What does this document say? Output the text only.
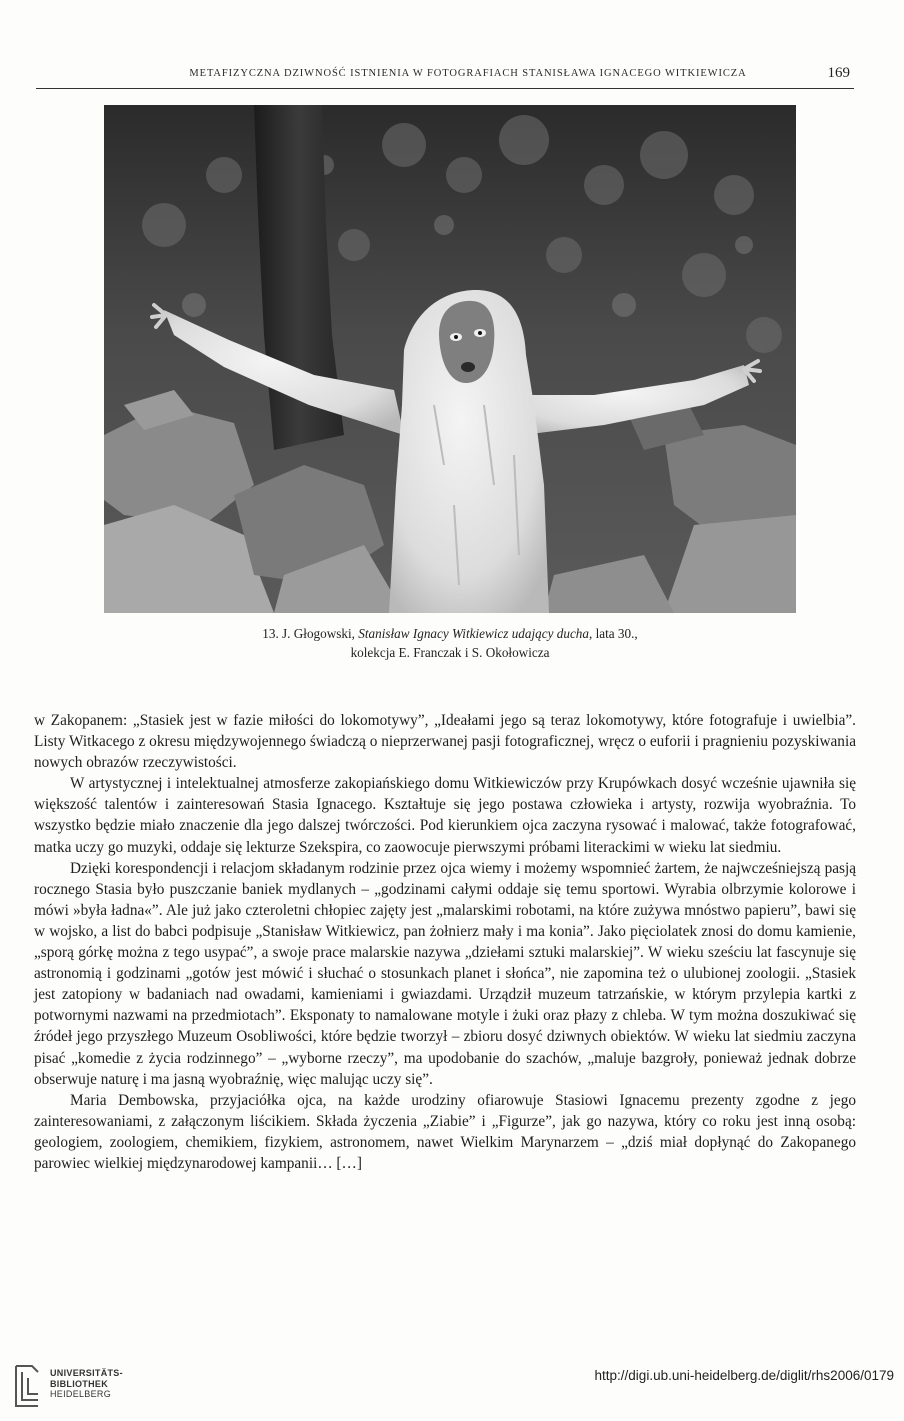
METAFIZYCZNA DZIWNOŚĆ ISTNIENIA W FOTOGRAFIACH STANISŁAWA IGNACEGO WITKIEWICZA	169
13. J. Głogowski, Stanisław Ignacy Witkiewicz udający ducha, lata 30.,
kolekcja E. Franczak i S. Okołowicza

w Zakopanem: „Stasiek jest w fazie miłości do lokomotywy”, „Ideałami jego są teraz lokomotywy, które fotografuje i uwielbia”. Listy Witkacego z okresu międzywojennego świadczą o nieprzerwanej pasji fotograficznej, wręcz o euforii i pragnieniu pozyskiwania nowych obrazów rzeczywistości.

W artystycznej i intelektualnej atmosferze zakopiańskiego domu Witkiewiczów przy Krupówkach dosyć wcześnie ujawniła się większość talentów i zainteresowań Stasia Ignacego. Kształtuje się jego postawa człowieka i artysty, rozwija wyobraźnia. To wszystko będzie miało znaczenie dla jego dalszej twórczości. Pod kierunkiem ojca zaczyna rysować i malować, także fotografować, matka uczy go muzyki, oddaje się lekturze Szekspira, co zaowocuje pierwszymi próbami literackimi w wieku lat siedmiu.

Dzięki korespondencji i relacjom składanym rodzinie przez ojca wiemy i możemy wspomnieć żartem, że najwcześniejszą pasją rocznego Stasia było puszczanie baniek mydlanych – „godzinami całymi oddaje się temu sportowi. Wyrabia olbrzymie kolorowe i mówi »była ładna«”. Ale już jako czteroletni chłopiec zajęty jest „malarskimi robotami, na które zużywa mnóstwo papieru”, bawi się w wojsko, a list do babci podpisuje „Stanisław Witkiewicz, pan żołnierz mały i ma konia”. Jako pięciolatek znosi do domu kamienie, „sporą górkę można z tego usypać”, a swoje prace malarskie nazywa „dziełami sztuki malarskiej”. W wieku sześciu lat fascynuje się astronomią i godzinami „gotów jest mówić i słuchać o stosunkach planet i słońca”, nie zapomina też o ulubionej zoologii. „Stasiek jest zatopiony w badaniach nad owadami, kamieniami i gwiazdami. Urządził muzeum tatrzańskie, w którym przylepia kartki z potwornymi nazwami na przedmiotach”. Eksponaty to namalowane motyle i żuki oraz płazy z chleba. W tym można doszukiwać się źródeł jego przyszłego Muzeum Osobliwości, które będzie tworzył – zbioru dosyć dziwnych obiektów. W wieku lat siedmiu zaczyna pisać „komedie z życia rodzinnego” – „wyborne rzeczy”, ma upodobanie do szachów, „maluje bazgroły, ponieważ jednak dobrze obserwuje naturę i ma jasną wyobraźnię, więc malując uczy się”.

Maria Dembowska, przyjaciółka ojca, na każde urodziny ofiarowuje Stasiowi Ignacemu prezenty zgodne z jego zainteresowaniami, z załączonym liścikiem. Składa życzenia „Ziabie” i „Figurze”, jak go nazywa, który co roku jest inną osobą: geologiem, zoologiem, chemikiem, fizykiem, astronomem, nawet Wielkim Marynarzem – „dziś miał dopłynąć do Zakopanego parowiec wielkiej międzynarodowej kampanii… […]

UNIVERSITÄTS-
BIBLIOTHEK
HEIDELBERG
http://digi.ub.uni-heidelberg.de/diglit/rhs2006/0179
